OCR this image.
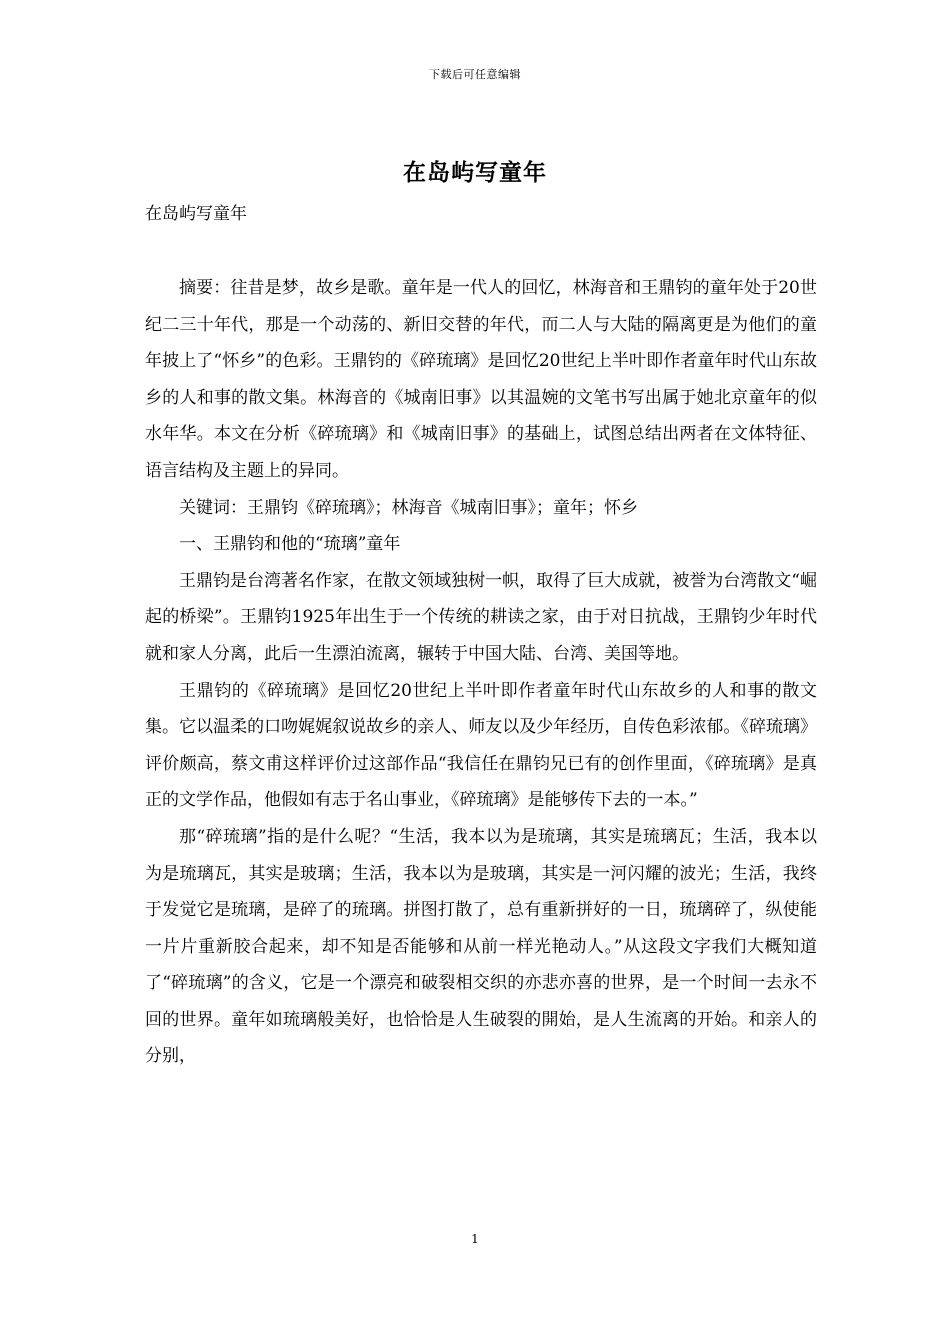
下载后可任意编辑
在岛屿写童年
在岛屿写童年

摘要：往昔是梦，故乡是歌。童年是一代人的回忆，林海音和王鼎钧的童年处于20世纪二三十年代，那是一个动荡的、新旧交替的年代，而二人与大陆的隔离更是为他们的童年披上了“怀乡”的色彩。王鼎钧的《碎琉璃》是回忆20世纪上半叶即作者童年时代山东故乡的人和事的散文集。林海音的《城南旧事》以其温婉的文笔书写出属于她北京童年的似水年华。本文在分析《碎琉璃》和《城南旧事》的基础上，试图总结出两者在文体特征、语言结构及主题上的异同。

关键词：王鼎钧《碎琉璃》；林海音《城南旧事》；童年；怀乡

一、王鼎钧和他的“琉璃”童年

王鼎钧是台湾著名作家，在散文领域独树一帜，取得了巨大成就，被誉为台湾散文“崛起的桥梁”。王鼎钧1925年出生于一个传统的耕读之家，由于对日抗战，王鼎钧少年时代就和家人分离，此后一生漂泊流离，辗转于中国大陆、台湾、美国等地。

王鼎钧的《碎琉璃》是回忆20世纪上半叶即作者童年时代山东故乡的人和事的散文集。它以温柔的口吻娓娓叙说故乡的亲人、师友以及少年经历，自传色彩浓郁。《碎琉璃》评价颇高，蔡文甫这样评价过这部作品“我信任在鼎钧兄已有的创作里面，《碎琉璃》是真正的文学作品，他假如有志于名山事业，《碎琉璃》是能够传下去的一本。”

那“碎琉璃”指的是什么呢？“生活，我本以为是琉璃，其实是琉璃瓦；生活，我本以为是琉璃瓦，其实是玻璃；生活，我本以为是玻璃，其实是一河闪耀的波光；生活，我终于发觉它是琉璃，是碎了的琉璃。拼图打散了，总有重新拼好的一日，琉璃碎了，纵使能一片片重新胶合起来，却不知是否能够和从前一样光艳动人。”从这段文字我们大概知道了“碎琉璃”的含义，它是一个漂亮和破裂相交织的亦悲亦喜的世界，是一个时间一去永不回的世界。童年如琉璃般美好，也恰恰是人生破裂的開始，是人生流离的开始。和亲人的分别，

1
